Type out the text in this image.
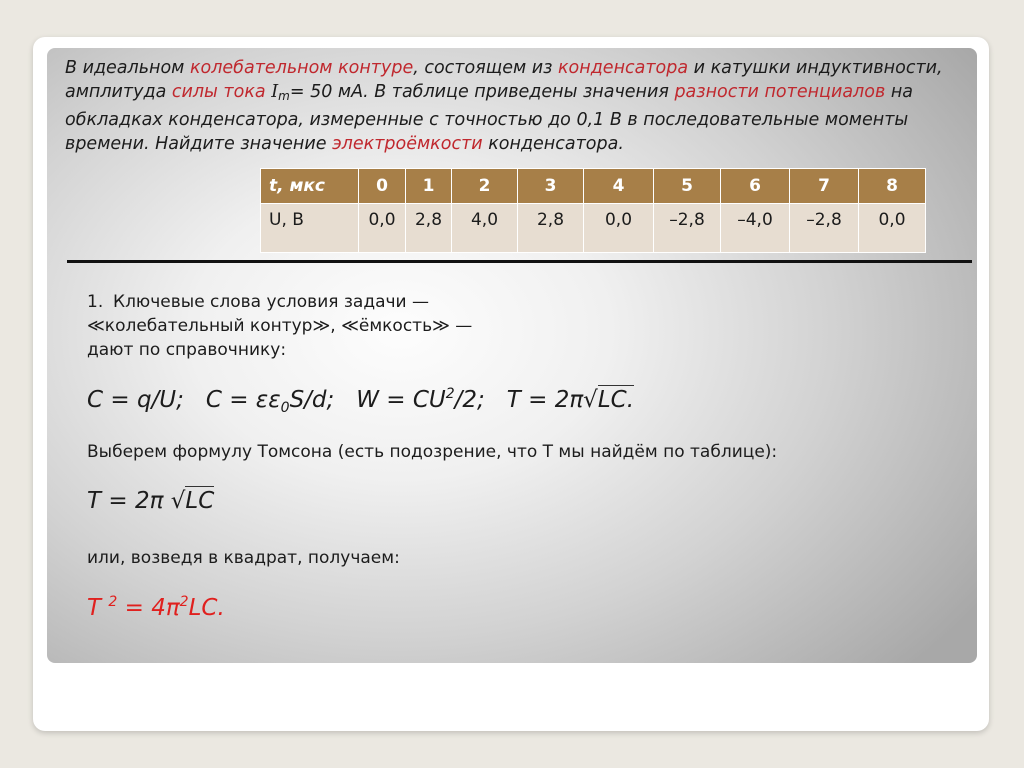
В идеальном колебательном контуре, состоящем из конденсатора и катушки индуктивности, амплитуда силы тока $I_m= 50$ мА. В таблице приведены значения разности потенциалов на обкладках конденсатора, измеренные с точностью до 0,1 В в последовательные моменты времени. Найдите значение электроёмкости конденсатора.

t, мкс	0	1	2	3	4	5	6	7	8
U, В	0,0	2,8	4,0	2,8	0,0	–2,8	–4,0	–2,8	0,0
1. Ключевые слова условия задачи —
≪колебательный контур≫, ≪ёмкость≫ —
дают по справочнику:

C = q/U; $C = \varepsilon\varepsilon_0S/d$; $W = CU^2/2$; T = 2π√LC.

Выберем формулу Томсона (есть подозрение, что T мы найдём по таблице):

T = 2π √LC

или, возведя в квадрат, получаем:

T $^2 = 4\pi^2LC$.
